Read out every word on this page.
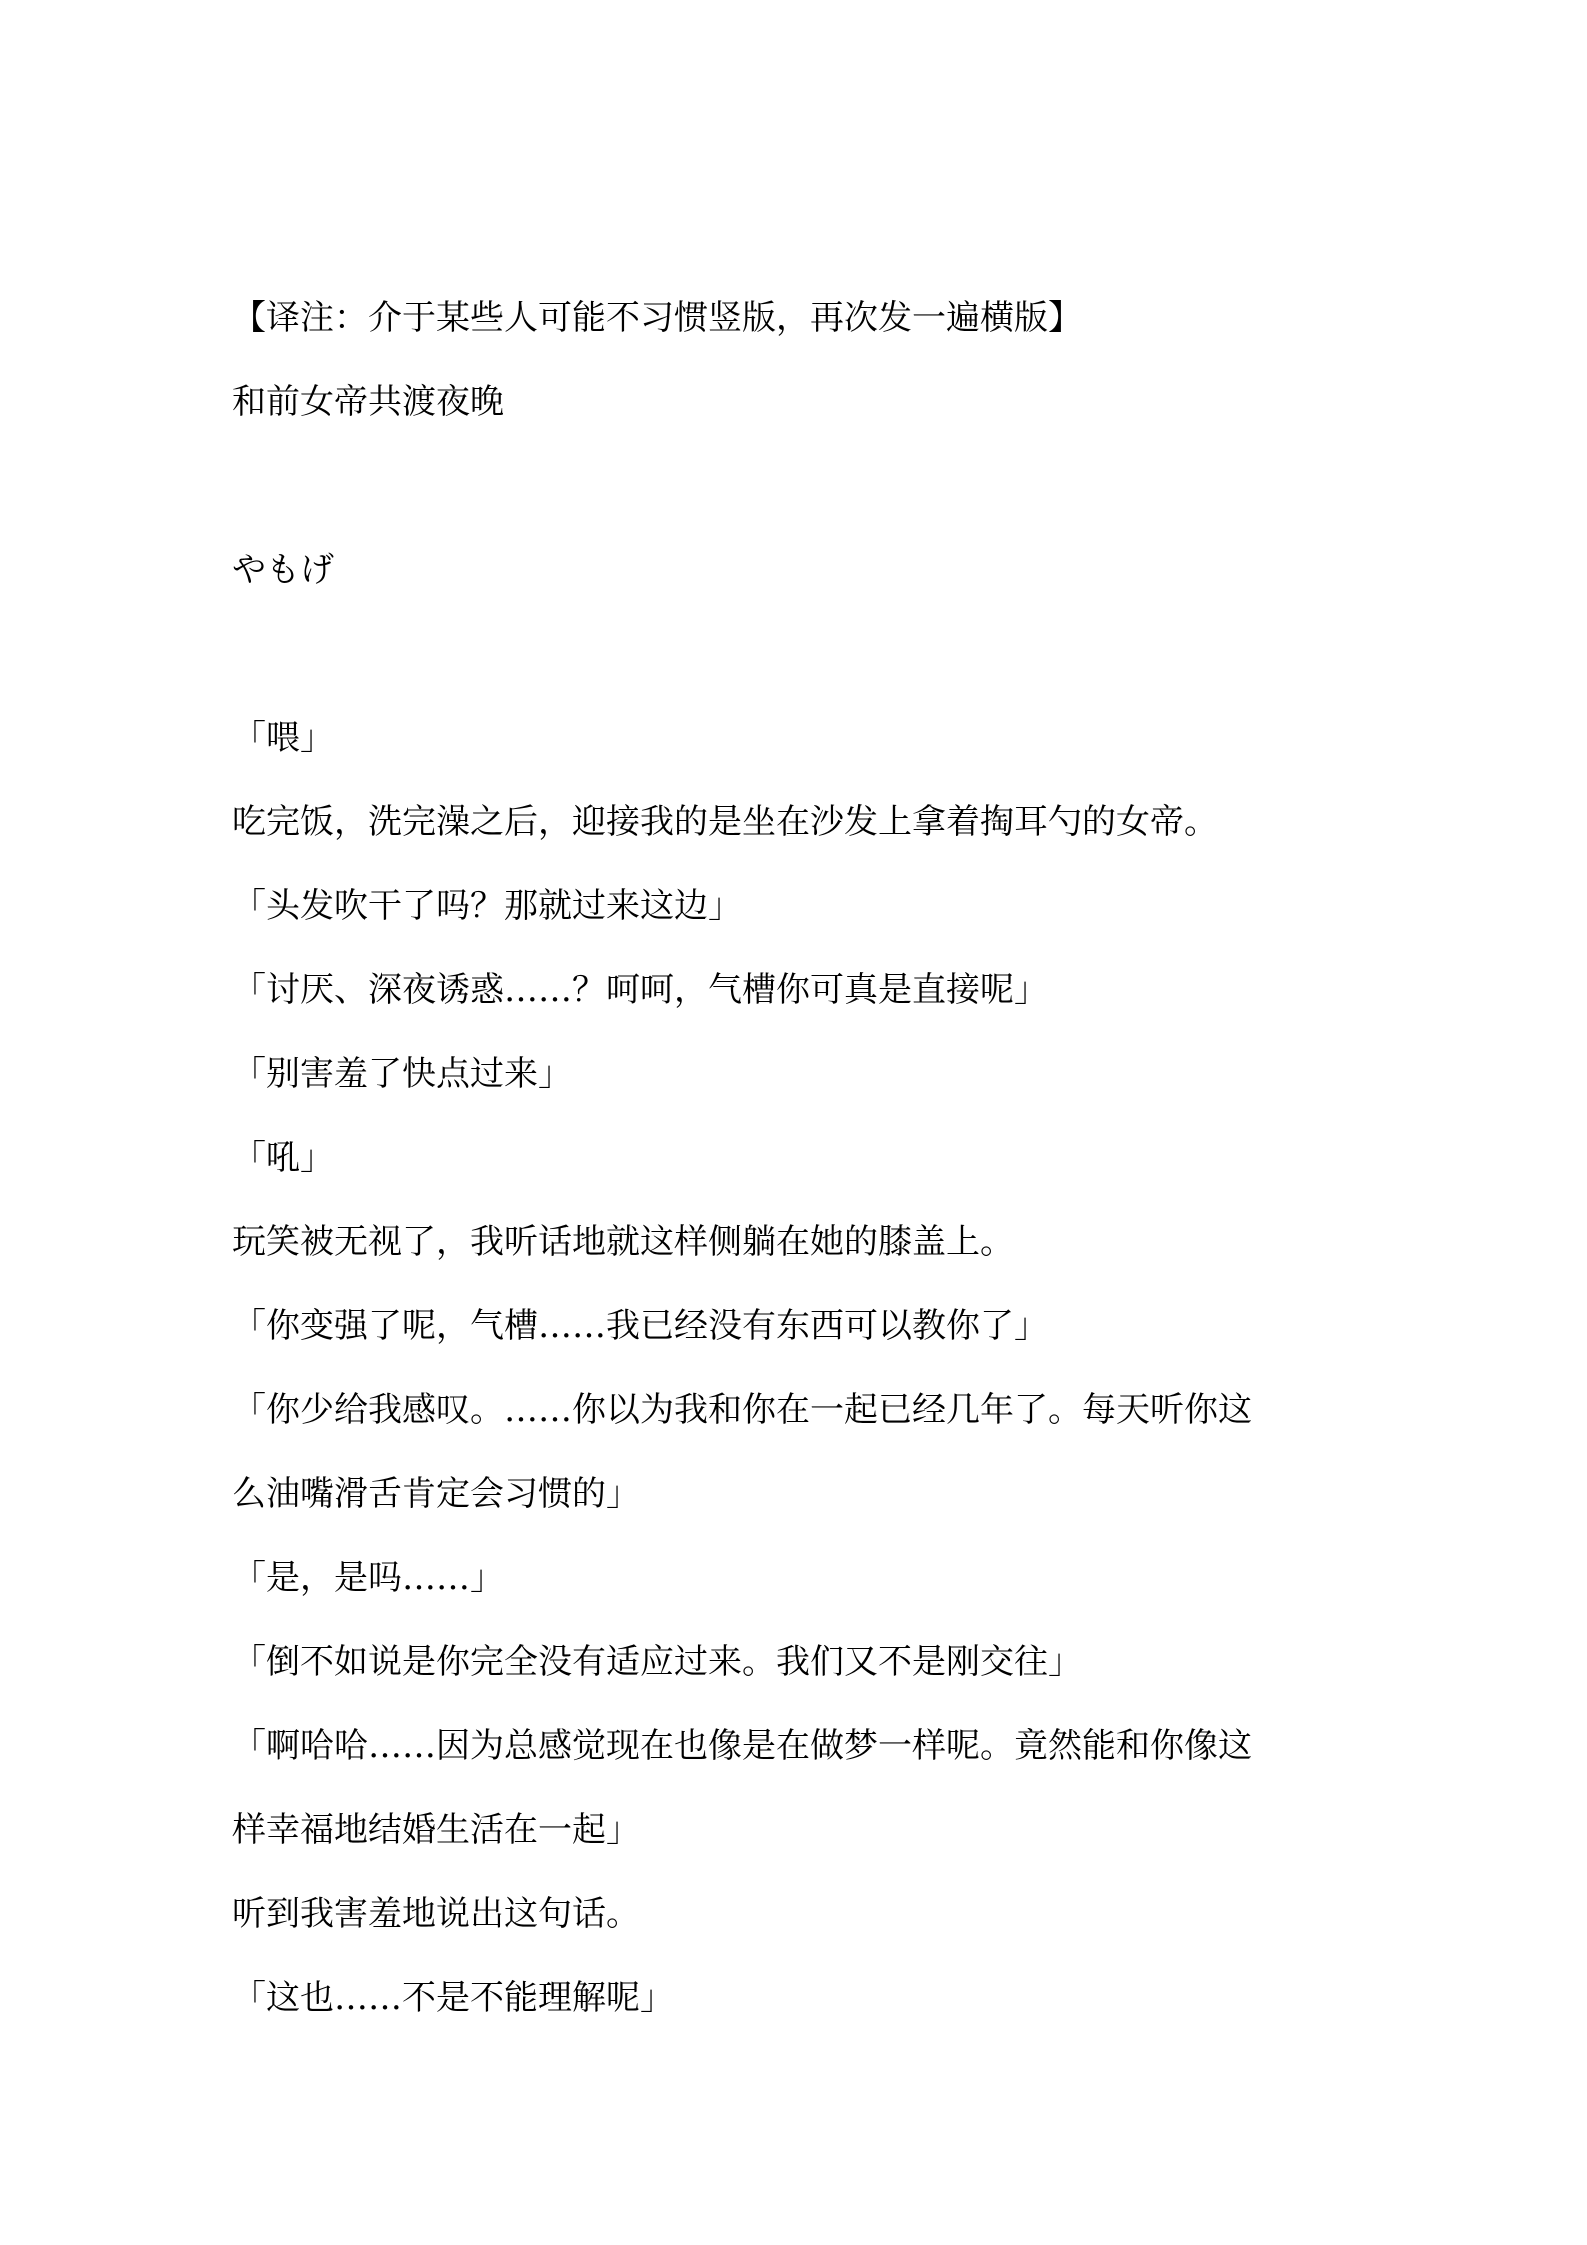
【译注：介于某些人可能不习惯竖版，再次发一遍横版】

和前女帝共渡夜晚

やもげ

「喂」

吃完饭，洗完澡之后，迎接我的是坐在沙发上拿着掏耳勺的女帝。

「头发吹干了吗？那就过来这边」

「讨厌、深夜诱惑……？呵呵，气槽你可真是直接呢」

「别害羞了快点过来」

「吼」

玩笑被无视了，我听话地就这样侧躺在她的膝盖上。

「你变强了呢，气槽……我已经没有东西可以教你了」

「你少给我感叹。……你以为我和你在一起已经几年了。每天听你这

么油嘴滑舌肯定会习惯的」

「是，是吗……」

「倒不如说是你完全没有适应过来。我们又不是刚交往」

「啊哈哈……因为总感觉现在也像是在做梦一样呢。竟然能和你像这

样幸福地结婚生活在一起」

听到我害羞地说出这句话。

「这也……不是不能理解呢」
